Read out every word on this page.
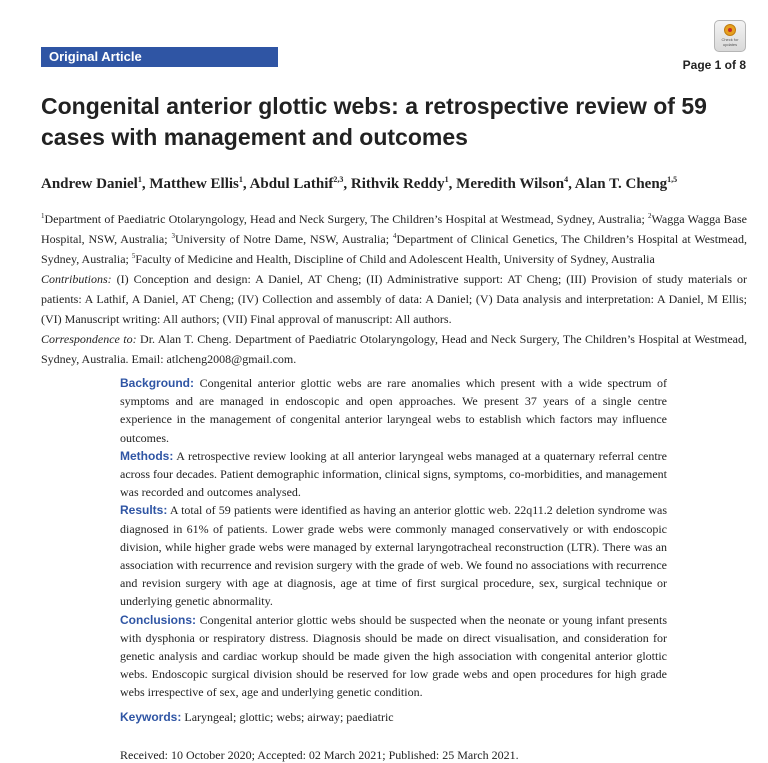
Original Article
Check for updates
Page 1 of 8
Congenital anterior glottic webs: a retrospective review of 59 cases with management and outcomes
Andrew Daniel$^1$, Matthew Ellis$^1$, Abdul Lathif$^{2,3}$, Rithvik Reddy$^1$, Meredith Wilson$^4$, Alan T. Cheng$^{1,5}$

$^1$Department of Paediatric Otolaryngology, Head and Neck Surgery, The Children’s Hospital at Westmead, Sydney, Australia; $^2$Wagga Wagga Base Hospital, NSW, Australia; $^3$University of Notre Dame, NSW, Australia; $^4$Department of Clinical Genetics, The Children’s Hospital at Westmead, Sydney, Australia; $^5$Faculty of Medicine and Health, Discipline of Child and Adolescent Health, University of Sydney, Australia

Contributions: (I) Conception and design: A Daniel, AT Cheng; (II) Administrative support: AT Cheng; (III) Provision of study materials or patients: A Lathif, A Daniel, AT Cheng; (IV) Collection and assembly of data: A Daniel; (V) Data analysis and interpretation: A Daniel, M Ellis; (VI) Manuscript writing: All authors; (VII) Final approval of manuscript: All authors.

Correspondence to: Dr. Alan T. Cheng. Department of Paediatric Otolaryngology, Head and Neck Surgery, The Children’s Hospital at Westmead, Sydney, Australia. Email: atlcheng2008@gmail.com.

Background: Congenital anterior glottic webs are rare anomalies which present with a wide spectrum of symptoms and are managed in endoscopic and open approaches. We present 37 years of a single centre experience in the management of congenital anterior laryngeal webs to establish which factors may influence outcomes.

Methods: A retrospective review looking at all anterior laryngeal webs managed at a quaternary referral centre across four decades. Patient demographic information, clinical signs, symptoms, co-morbidities, and management was recorded and outcomes analysed.

Results: A total of 59 patients were identified as having an anterior glottic web. 22q11.2 deletion syndrome was diagnosed in 61% of patients. Lower grade webs were commonly managed conservatively or with endoscopic division, while higher grade webs were managed by external laryngotracheal reconstruction (LTR). There was an association with recurrence and revision surgery with the grade of web. We found no associations with recurrence and revision surgery with age at diagnosis, age at time of first surgical procedure, sex, surgical technique or underlying genetic abnormality.

Conclusions: Congenital anterior glottic webs should be suspected when the neonate or young infant presents with dysphonia or respiratory distress. Diagnosis should be made on direct visualisation, and consideration for genetic analysis and cardiac workup should be made given the high association with congenital anterior glottic webs. Endoscopic surgical division should be reserved for low grade webs and open procedures for high grade webs irrespective of sex, age and underlying genetic condition.

Keywords: Laryngeal; glottic; webs; airway; paediatric

Received: 10 October 2020; Accepted: 02 March 2021; Published: 25 March 2021.
